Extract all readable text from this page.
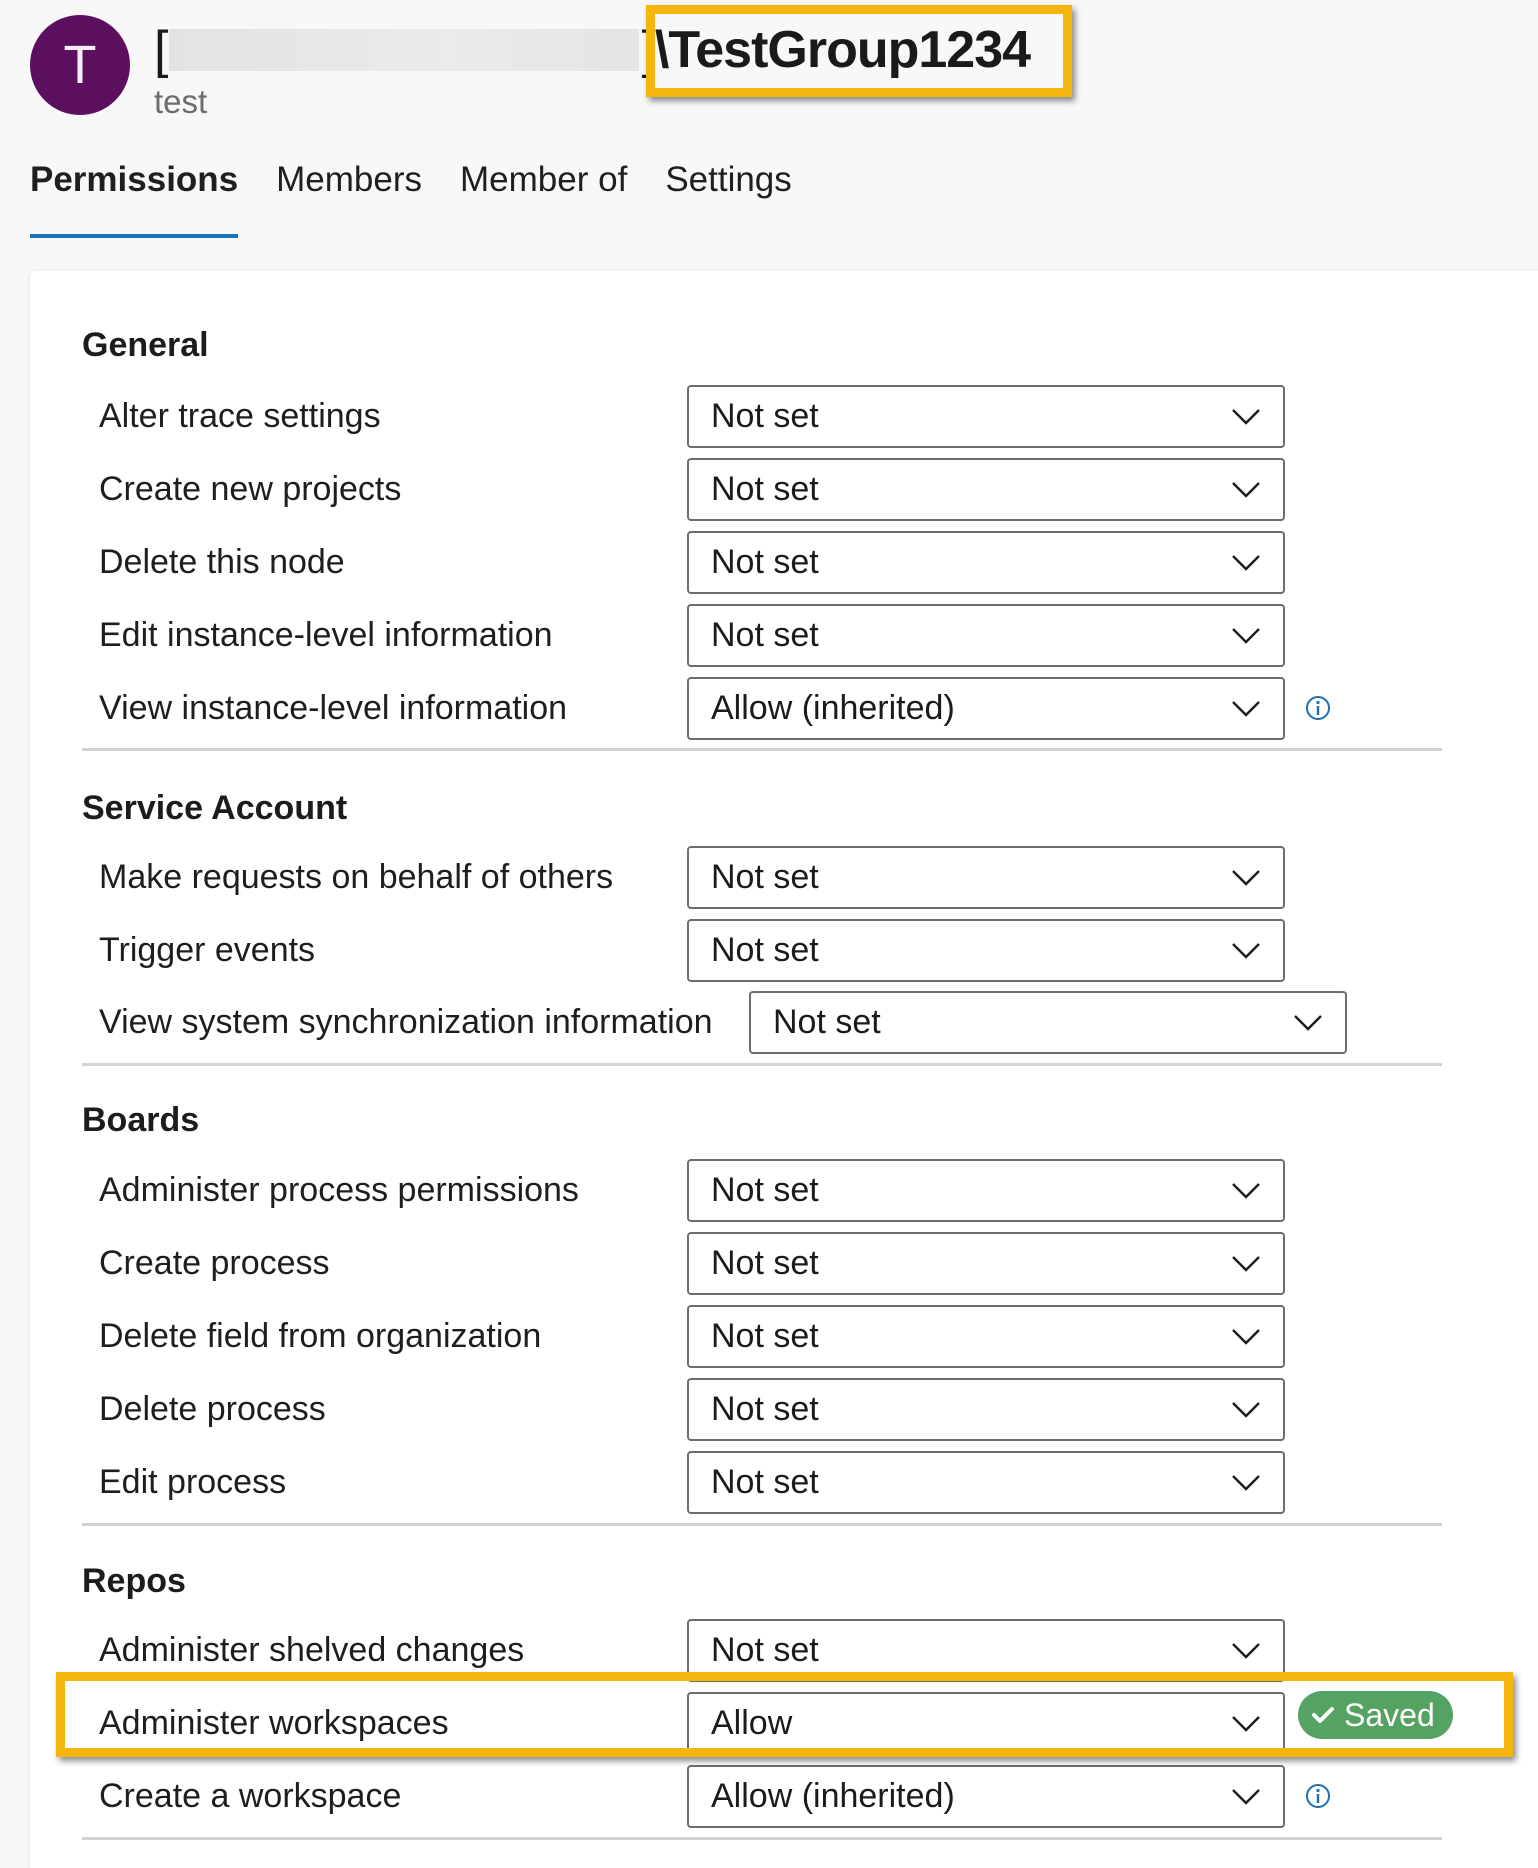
T [	] \TestGroup1234
test
Permissions Members Member of Settings
General
Alter trace settings	Not set
Create new projects	Not set
Delete this node	Not set
Edit instance-level information	Not set
View instance-level information	Allow (inherited)
Service Account
Make requests on behalf of others	Not set
Trigger events	Not set
View system synchronization information Not set
Boards
Administer process permissions	Not set
Create process	Not set
Delete field from organization	Not set
Delete process	Not set
Edit process	Not set
Repos
Administer shelved changes	Not set
Administer workspaces	Allow
Create a workspace	Allow (inherited)
Saved
